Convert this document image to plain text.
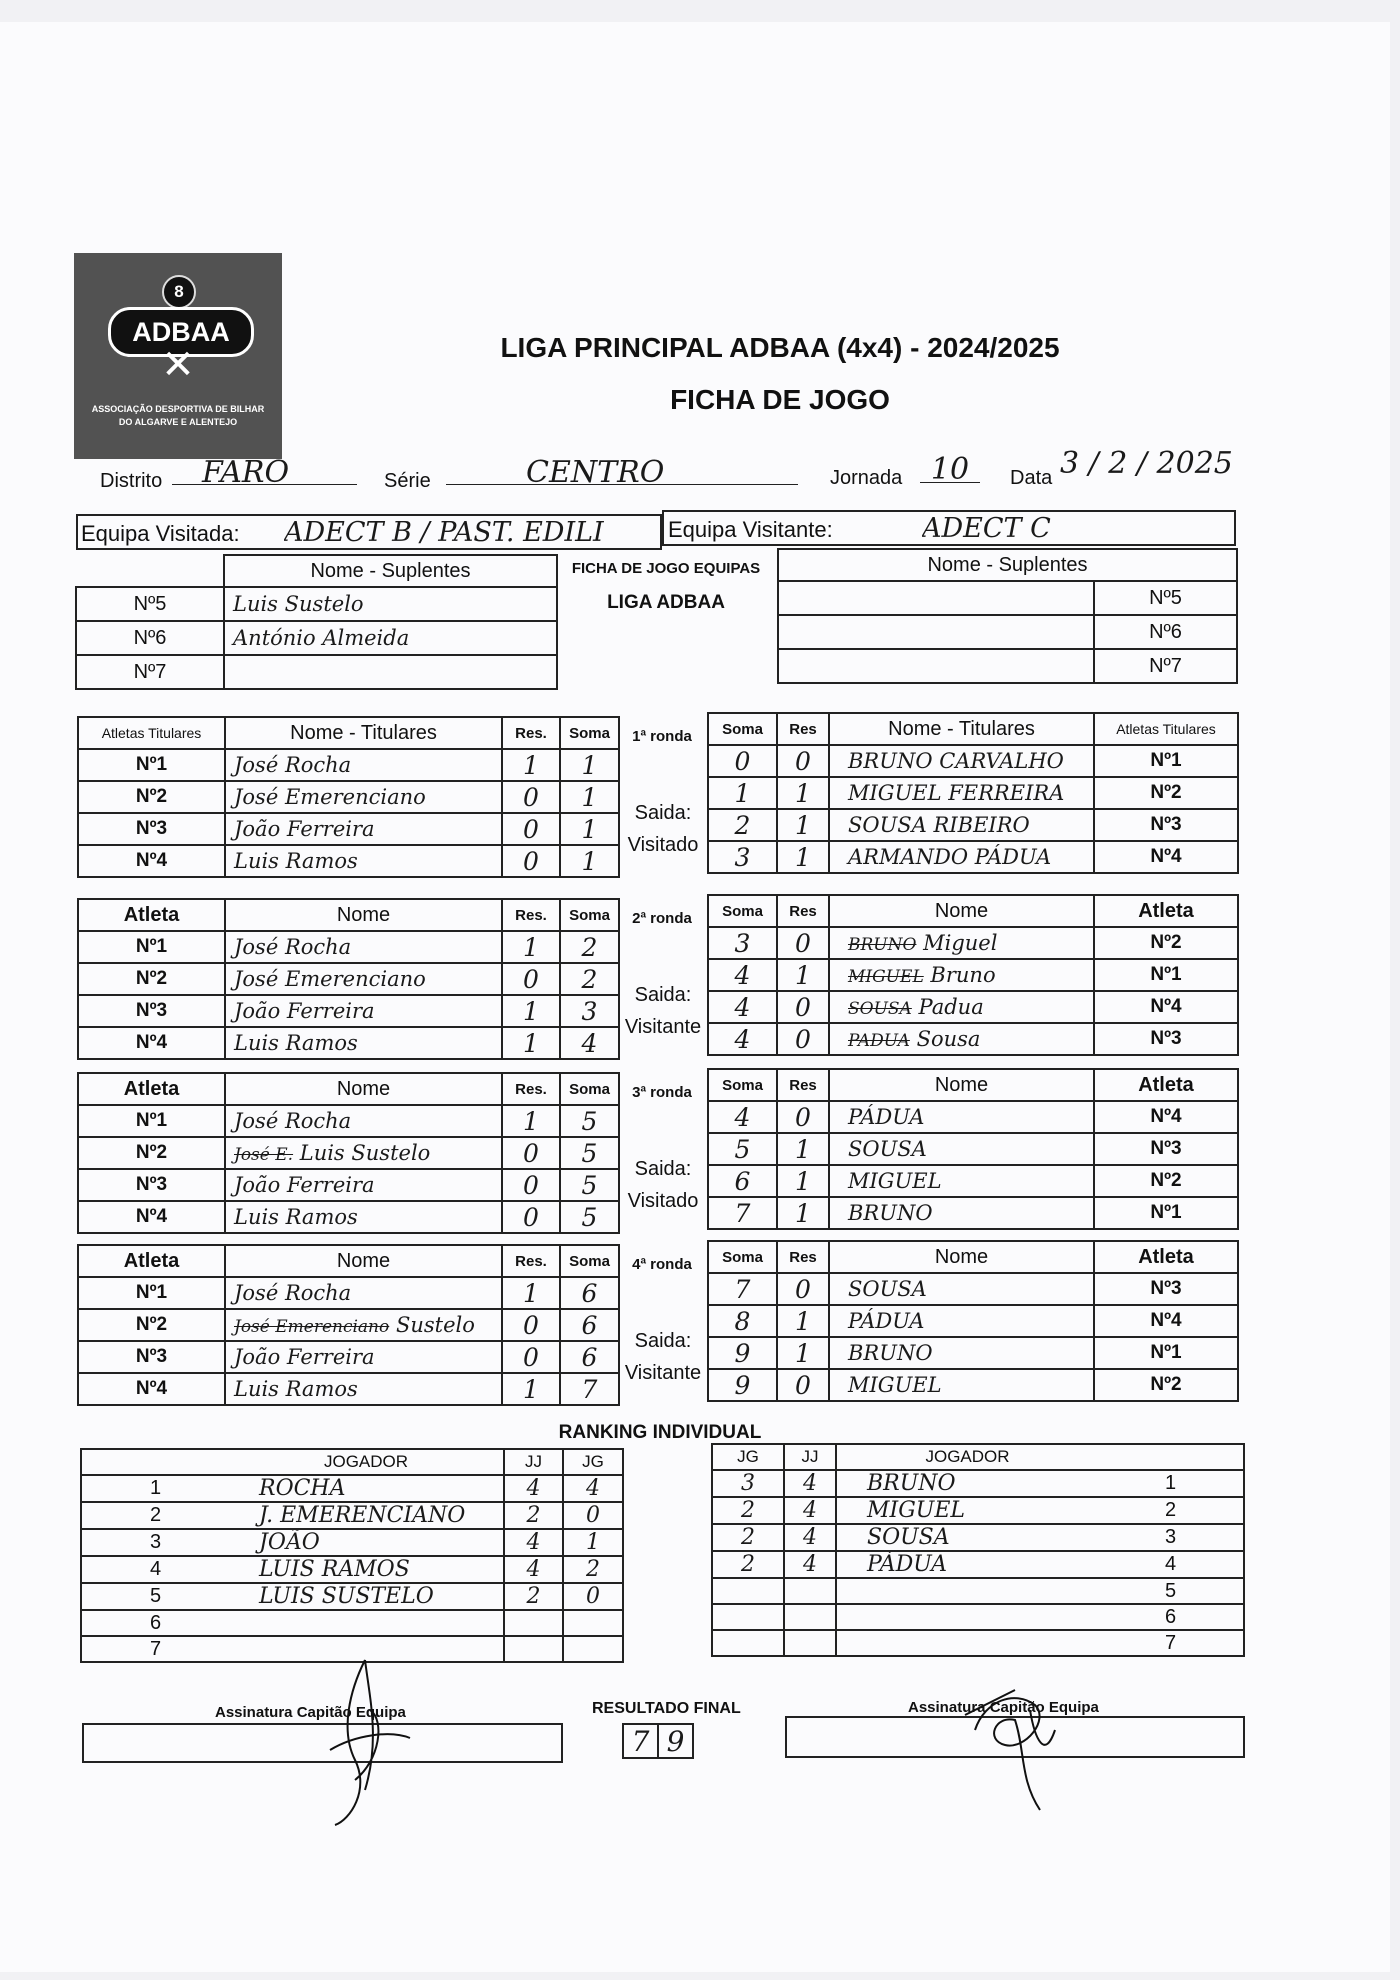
8
ADBAA
✕
ASSOCIAÇÃO DESPORTIVA DE BILHAR
DO ALGARVE E ALENTEJO
LIGA PRINCIPAL ADBAA (4x4) - 2024/2025
FICHA DE JOGO
Distrito	FARO	Série	CENTRO	Jornada 10	Data 3 / 2 / 2025
Equipa Visitada: ADECT B / PAST. EDILI	Equipa Visitante:	ADECT C
FICHA DE JOGO EQUIPAS
LIGA ADBAA
	Nome - Suplentes
Nº5	Luis Sustelo
Nº6	António Almeida
Nº7	
Nome - Suplentes	
	Nº5
	Nº6
	Nº7
Atletas Titulares	Nome - Titulares	Res.	Soma
Nº1	José Rocha	1	1
Nº2	José Emerenciano	0	1
Nº3	João Ferreira	0	1
Nº4	Luis Ramos	0	1
Soma	Res	Nome - Titulares	Atletas Titulares
0	0	BRUNO CARVALHO	Nº1
1	1	MIGUEL FERREIRA	Nº2
2	1	SOUSA RIBEIRO	Nº3
3	1	ARMANDO PÁDUA	Nº4
1ª ronda
Saida:
Visitado
Atleta	Nome	Res.	Soma
Nº1	José Rocha	1	2
Nº2	José Emerenciano	0	2
Nº3	João Ferreira	1	3
Nº4	Luis Ramos	1	4
Soma	Res	Nome	Atleta
3	0	BRUNO Miguel	Nº2
4	1	MIGUEL Bruno	Nº1
4	0	SOUSA Padua	Nº4
4	0	PADUA Sousa	Nº3
2ª ronda
Saida:
Visitante
Atleta	Nome	Res.	Soma
Nº1	José Rocha	1	5
Nº2	José E. Luis Sustelo	0	5
Nº3	João Ferreira	0	5
Nº4	Luis Ramos	0	5
Soma	Res	Nome	Atleta
4	0	PÁDUA	Nº4
5	1	SOUSA	Nº3
6	1	MIGUEL	Nº2
7	1	BRUNO	Nº1
3ª ronda
Saida:
Visitado
Atleta	Nome	Res.	Soma
Nº1	José Rocha	1	6
Nº2	José Emerenciano Sustelo	0	6
Nº3	João Ferreira	0	6
Nº4	Luis Ramos	1	7
Soma	Res	Nome	Atleta
7	0	SOUSA	Nº3
8	1	PÁDUA	Nº4
9	1	BRUNO	Nº1
9	0	MIGUEL	Nº2
4ª ronda
Saida:
Visitante
RANKING INDIVIDUAL
	JOGADOR	JJ	JG
1	ROCHA	4	4
2	J. EMERENCIANO	2	0
3	JOÃO	4	1
4	LUIS RAMOS	4	2
5	LUIS SUSTELO	2	0
6			
7			
JG	JJ	JOGADOR	
3	4	BRUNO	1
2	4	MIGUEL	2
2	4	SOUSA	3
2	4	PÁDUA	4
			5
			6
			7
Assinatura Capitão Equipa	RESULTADO FINAL
7 9
Assinatura Capitão Equipa
